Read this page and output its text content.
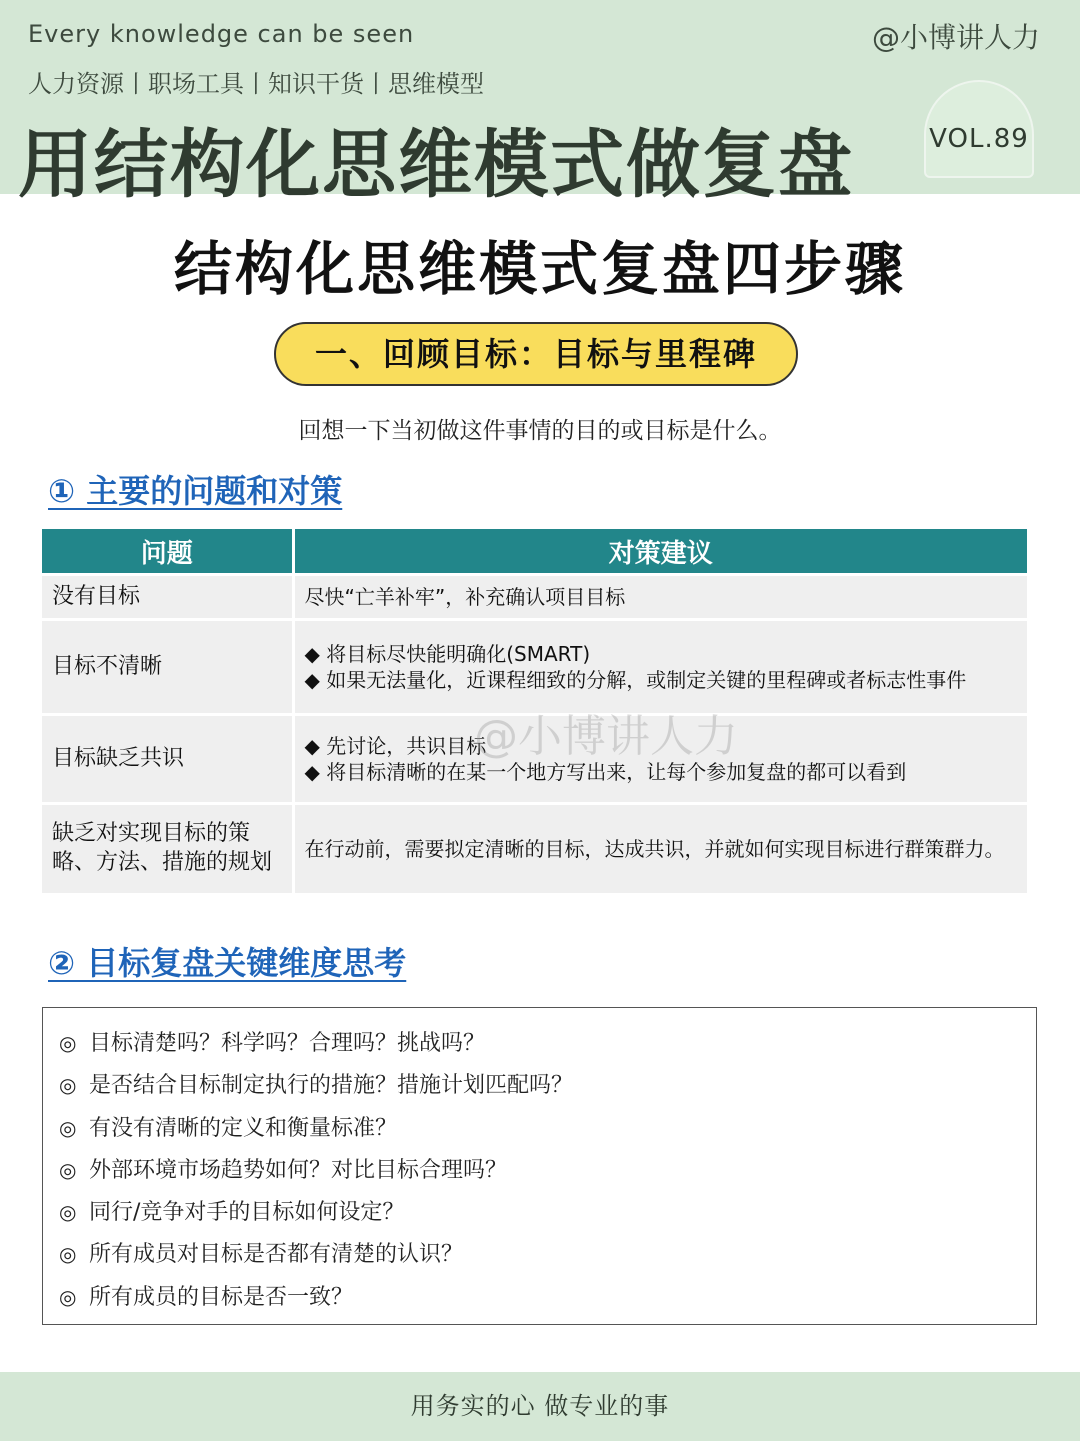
Every knowledge can be seen	@小博讲人力
人力资源丨职场工具丨知识干货丨思维模型
用结构化思维模式做复盘	VOL.89
结构化思维模式复盘四步骤
一、回顾目标：目标与里程碑
回想一下当初做这件事情的目的或目标是什么。
① 主要的问题和对策
问题	对策建议
没有目标	尽快“亡羊补牢”，补充确认项目目标

目标不清晰	◆ 将目标尽快能明确化(SMART)
◆ 如果无法量化，近课程细致的分解，或制定关键的里程碑或者标志性事件

目标缺乏共识	◆ 先讨论，共识目标
◆ 将目标清晰的在某一个地方写出来，让每个参加复盘的都可以看到

缺乏对实现目标的策略、方法、措施的规划	在行动前，需要拟定清晰的目标，达成共识，并就如何实现目标进行群策群力。
@小博讲人力
② 目标复盘关键维度思考
◎ 目标清楚吗？科学吗？合理吗？挑战吗？
◎ 是否结合目标制定执行的措施？措施计划匹配吗？
◎ 有没有清晰的定义和衡量标准？
◎ 外部环境市场趋势如何？对比目标合理吗？
◎ 同行/竞争对手的目标如何设定？
◎ 所有成员对目标是否都有清楚的认识？
◎ 所有成员的目标是否一致？
用务实的心 做专业的事
